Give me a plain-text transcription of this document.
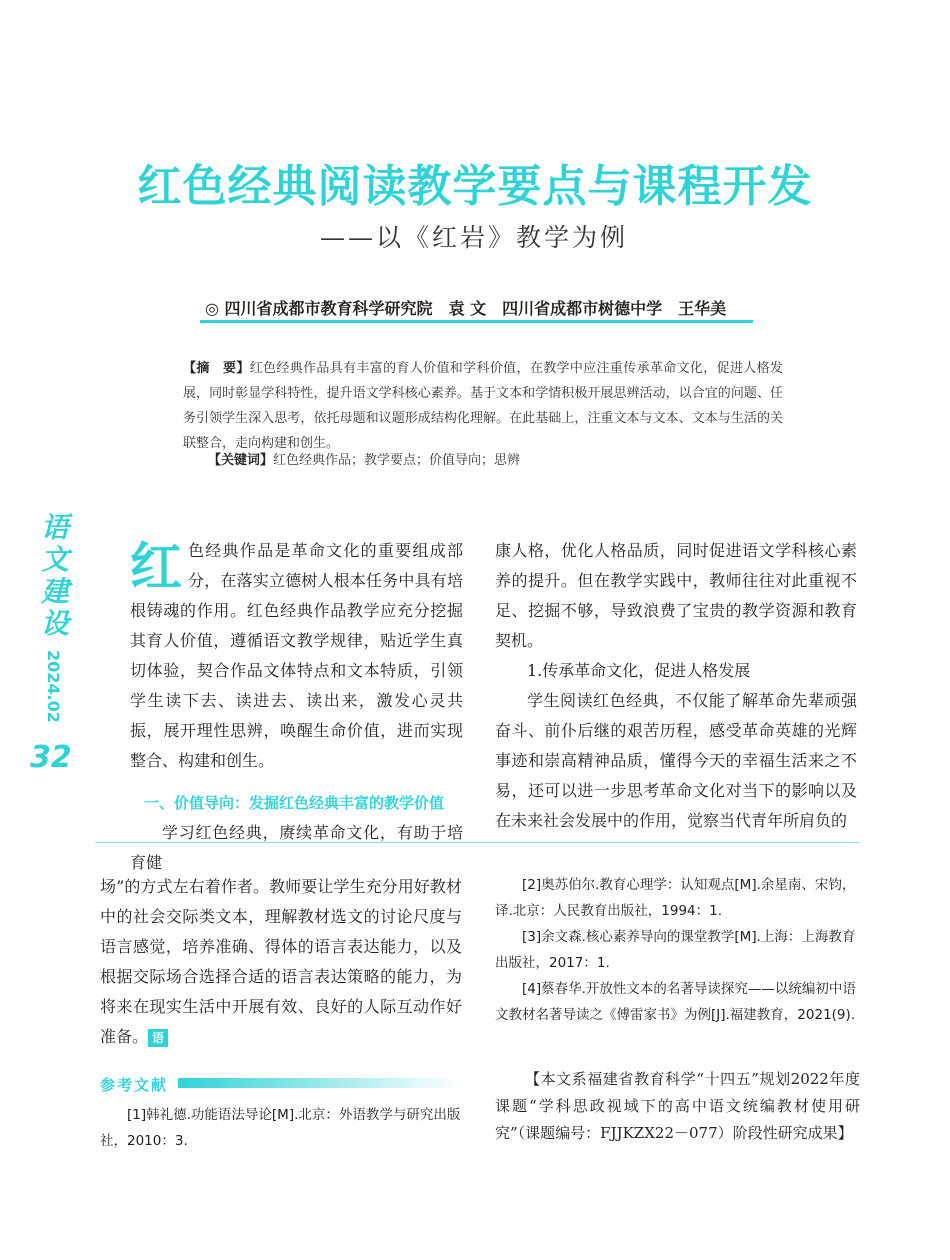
红色经典阅读教学要点与课程开发
——以《红岩》教学为例
◎ 四川省成都市教育科学研究院　袁 文　四川省成都市树德中学　王华美
【摘　要】红色经典作品具有丰富的育人价值和学科价值，在教学中应注重传承革命文化，促进人格发展，同时彰显学科特性，提升语文学科核心素养。基于文本和学情积极开展思辨活动，以合宜的问题、任务引领学生深入思考，依托母题和议题形成结构化理解。在此基础上，注重文本与文本、文本与生活的关联整合，走向构建和创生。
【关键词】红色经典作品；教学要点；价值导向；思辨
语文建设
2024.02
32

红色经典作品是革命文化的重要组成部分，在落实立德树人根本任务中具有培根铸魂的作用。红色经典作品教学应充分挖掘其育人价值，遵循语文教学规律，贴近学生真切体验，契合作品文体特点和文本特质，引领学生读下去、读进去、读出来，激发心灵共振，展开理性思辨，唤醒生命价值，进而实现整合、构建和创生。

一、价值导向：发掘红色经典丰富的教学价值

学习红色经典，赓续革命文化，有助于培育健

康人格，优化人格品质，同时促进语文学科核心素养的提升。但在教学实践中，教师往往对此重视不足、挖掘不够，导致浪费了宝贵的教学资源和教育契机。

1.传承革命文化，促进人格发展

学生阅读红色经典，不仅能了解革命先辈顽强奋斗、前仆后继的艰苦历程，感受革命英雄的光辉事迹和崇高精神品质，懂得今天的幸福生活来之不易，还可以进一步思考革命文化对当下的影响以及在未来社会发展中的作用，觉察当代青年所肩负的

场”的方式左右着作者。教师要让学生充分用好教材中的社会交际类文本，理解教材选文的讨论尺度与语言感觉，培养准确、得体的语言表达能力，以及根据交际场合选择合适的语言表达策略的能力，为将来在现实生活中开展有效、良好的人际互动作好准备。 语

参考文献

[1]韩礼德.功能语法导论[M].北京：外语教学与研究出版社，2010：3.

[2]奥苏伯尔.教育心理学：认知观点[M].余星南、宋钧，译.北京：人民教育出版社，1994：1.

[3]余文森.核心素养导向的课堂教学[M].上海：上海教育出版社，2017：1.

[4]蔡春华.开放性文本的名著导读探究——以统编初中语文教材名著导读之《傅雷家书》为例[J].福建教育，2021(9).

【本文系福建省教育科学“十四五”规划2022年度课题“学科思政视域下的高中语文统编教材使用研究”（课题编号：FJJKZX22－077）阶段性研究成果】
